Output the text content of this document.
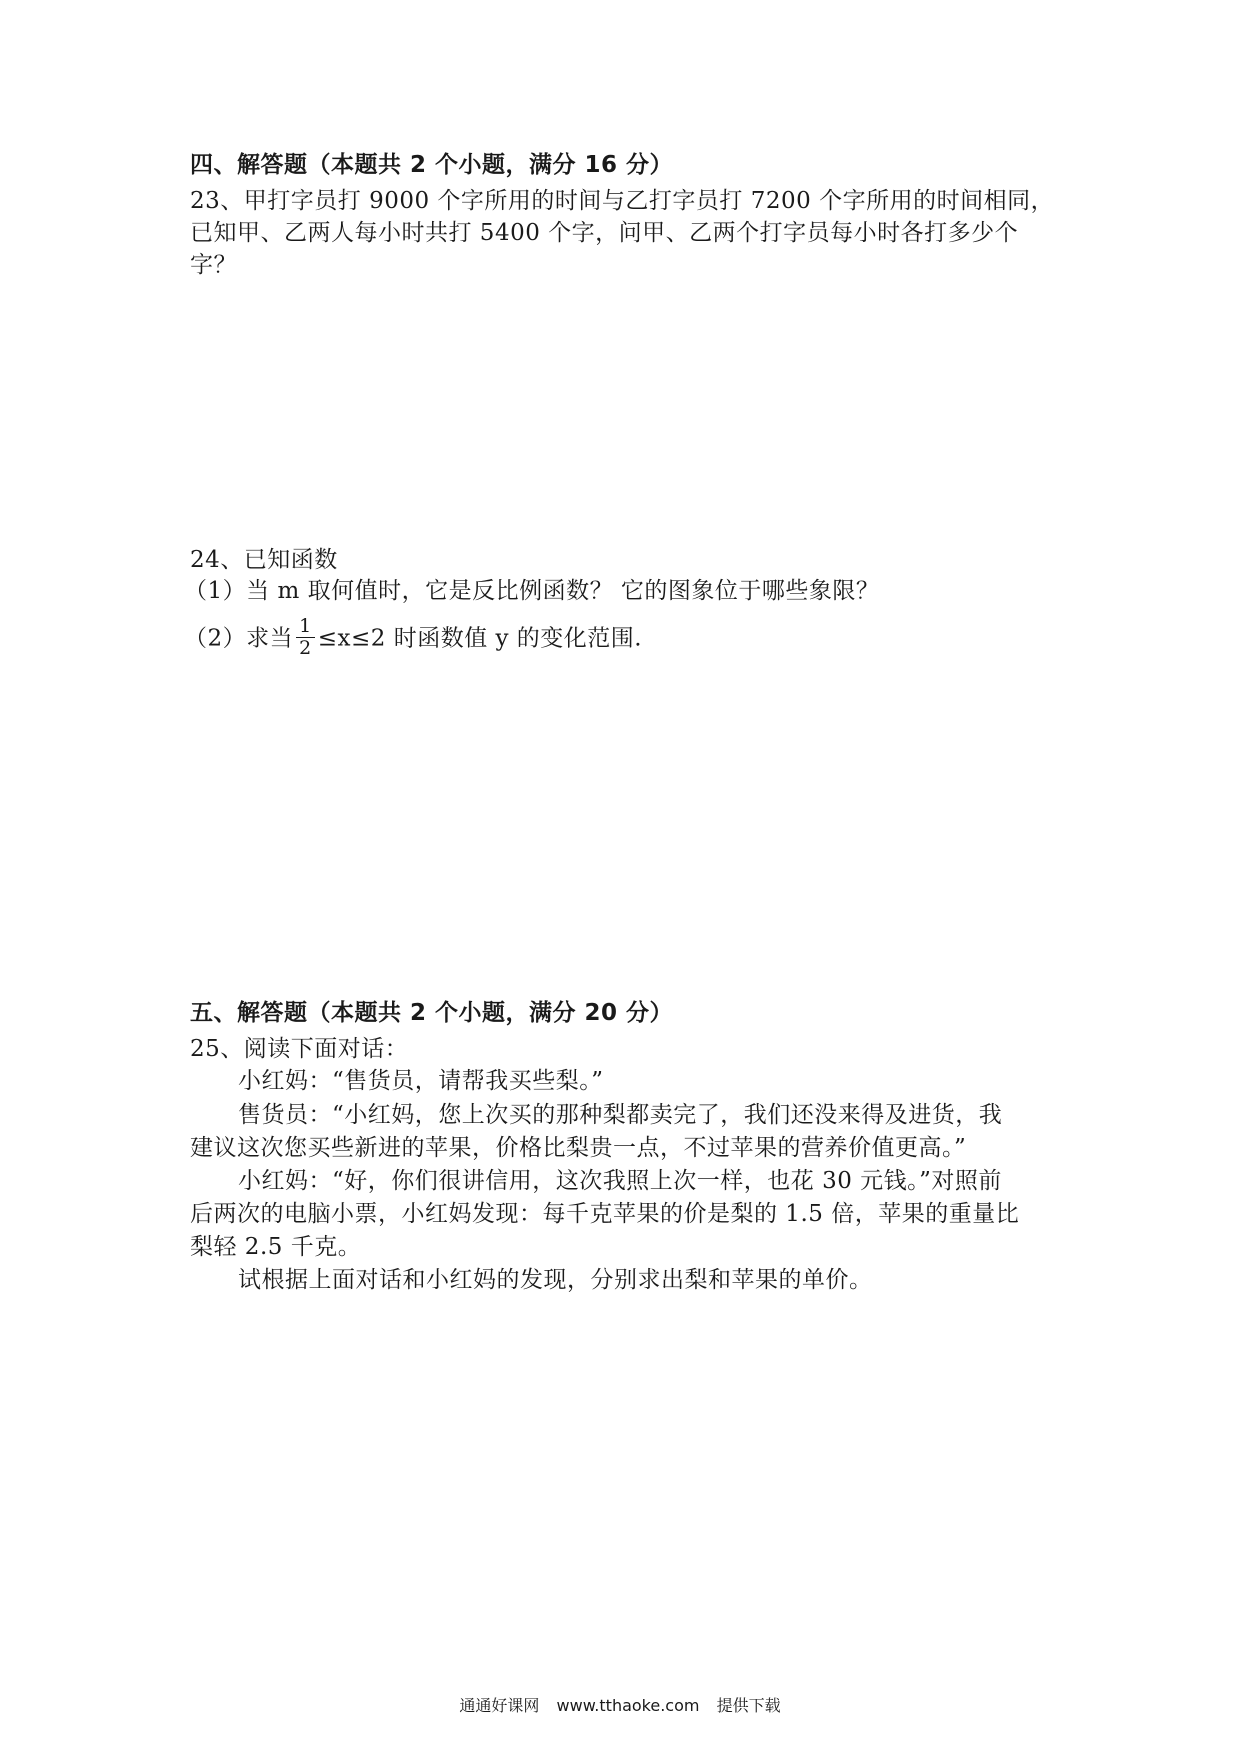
四、解答题（本题共 2 个小题，满分 16 分）
23、甲打字员打 9000 个字所用的时间与乙打字员打 7200 个字所用的时间相同，
已知甲、乙两人每小时共打 5400 个字，问甲、乙两个打字员每小时各打多少个
字？
24、已知函数
（1）当 m 取何值时，它是反比例函数？ 它的图象位于哪些象限？
（2）求当 $\frac{1}{2} \le x\le 2$ 时函数值 y 的变化范围.
五、解答题（本题共 2 个小题，满分 20 分）
25、阅读下面对话：
小红妈：“售货员，请帮我买些梨。”
售货员：“小红妈，您上次买的那种梨都卖完了，我们还没来得及进货，我
建议这次您买些新进的苹果，价格比梨贵一点，不过苹果的营养价值更高。”
小红妈：“好，你们很讲信用，这次我照上次一样，也花 30 元钱。”对照前
后两次的电脑小票，小红妈发现：每千克苹果的价是梨的 1.5 倍，苹果的重量比
梨轻 2.5 千克。
试根据上面对话和小红妈的发现，分别求出梨和苹果的单价。
通通好课网 www.tthaoke.com 提供下载
